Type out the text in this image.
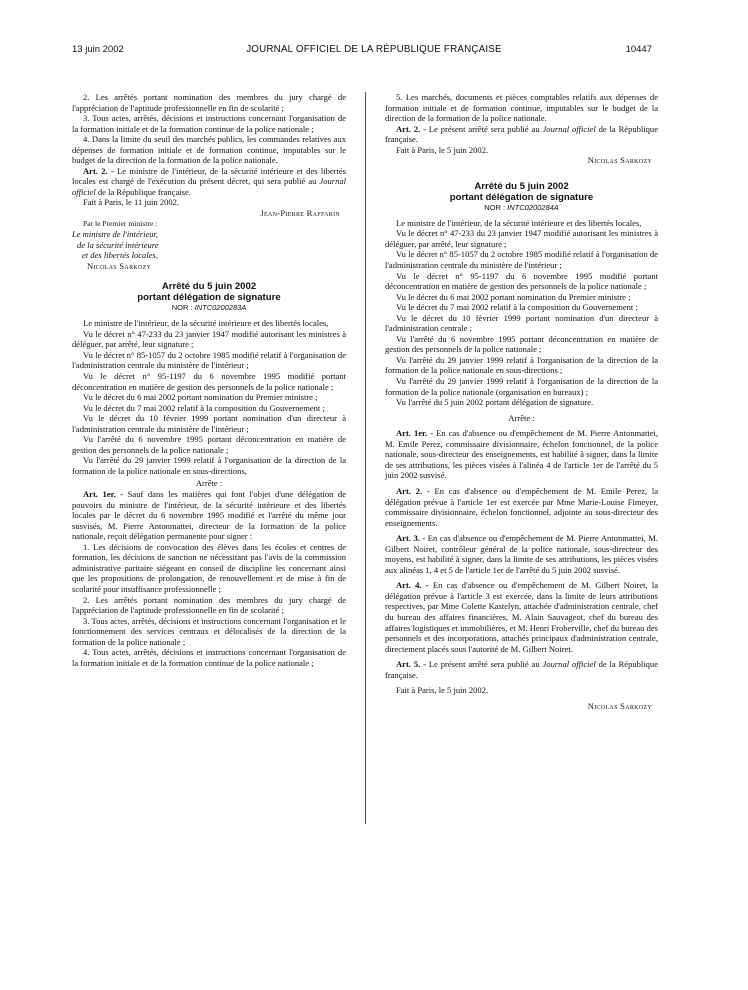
13 juin 2002	JOURNAL OFFICIEL DE LA RÉPUBLIQUE FRANÇAISE	10447

2. Les arrêtés portant nomination des membres du jury chargé de l'appréciation de l'aptitude professionnelle en fin de scolarité ;

3. Tous actes, arrêtés, décisions et instructions concernant l'organisation de la formation initiale et de la formation continue de la police nationale ;

4. Dans la limite du seuil des marchés publics, les commandes relatives aux dépenses de formation initiale et de formation continue, imputables sur le budget de la direction de la formation de la police nationale.

Art. 2. - Le ministre de l'intérieur, de la sécurité intérieure et des libertés locales est chargé de l'exécution du présent décret, qui sera publié au Journal officiel de la République française.

Fait à Paris, le 11 juin 2002.

Jean-Pierre Raffarin

Par le Premier ministre :

Le ministre de l'intérieur,
de la sécurité intérieure
et des libertés locales,
Nicolas Sarkozy
Arrêté du 5 juin 2002
portant délégation de signature
NOR : INTC0200283A

Le ministre de l'intérieur, de la sécurité intérieure et des libertés locales,

Vu le décret n° 47-233 du 23 janvier 1947 modifié autorisant les ministres à déléguer, par arrêté, leur signature ;

Vu le décret n° 85-1057 du 2 octobre 1985 modifié relatif à l'organisation de l'administration centrale du ministère de l'intérieur ;

Vu le décret n° 95-1197 du 6 novembre 1995 modifié portant déconcentration en matière de gestion des personnels de la police nationale ;

Vu le décret du 6 mai 2002 portant nomination du Premier ministre ;

Vu le décret du 7 mai 2002 relatif à la composition du Gouvernement ;

Vu le décret du 10 février 1999 portant nomination d'un directeur à l'administration centrale du ministère de l'intérieur ;

Vu l'arrêté du 6 novembre 1995 portant déconcentration en matière de gestion des personnels de la police nationale ;

Vu l'arrêté du 29 janvier 1999 relatif à l'organisation de la direction de la formation de la police nationale en sous-directions,

Arrête :

Art. 1er. - Sauf dans les matières qui font l'objet d'une délégation de pouvoirs du ministre de l'intérieur, de la sécurité intérieure et des libertés locales par le décret du 6 novembre 1995 modifié et l'arrêté du même jour susvisés, M. Pierre Antonmattei, directeur de la formation de la police nationale, reçoit délégation permanente pour signer :

1. Les décisions de convocation des élèves dans les écoles et centres de formation, les décisions de sanction ne nécessitant pas l'avis de la commission administrative paritaire siégeant en conseil de discipline les concernant ainsi que les propositions de prolongation, de renouvellement et de mise à fin de scolarité pour insuffisance professionnelle ;

2. Les arrêtés portant nomination des membres du jury chargé de l'appréciation de l'aptitude professionnelle en fin de scolarité ;

3. Tous actes, arrêtés, décisions et instructions concernant l'organisation et le fonctionnement des services centraux et délocalisés de la direction de la formation de la police nationale ;

4. Tous actes, arrêtés, décisions et instructions concernant l'organisation de la formation initiale et de la formation continue de la police nationale ;

5. Les marchés, documents et pièces comptables relatifs aux dépenses de formation initiale et de formation continue, imputables sur le budget de la direction de la formation de la police nationale.

Art. 2. - Le présent arrêté sera publié au Journal officiel de la République française.

Fait à Paris, le 5 juin 2002.

Nicolas Sarkozy
Arrêté du 5 juin 2002
portant délégation de signature
NOR : INTC0200284A

Le ministre de l'intérieur, de la sécurité intérieure et des libertés locales,

Vu le décret n° 47-233 du 23 janvier 1947 modifié autorisant les ministres à déléguer, par arrêté, leur signature ;

Vu le décret n° 85-1057 du 2 octobre 1985 modifié relatif à l'organisation de l'administration centrale du ministère de l'intérieur ;

Vu le décret n° 95-1197 du 6 novembre 1995 modifié portant déconcentration en matière de gestion des personnels de la police nationale ;

Vu le décret du 6 mai 2002 portant nomination du Premier ministre ;

Vu le décret du 7 mai 2002 relatif à la composition du Gouvernement ;

Vu le décret du 10 février 1999 portant nomination d'un directeur à l'administration centrale ;

Vu l'arrêté du 6 novembre 1995 portant déconcentration en matière de gestion des personnels de la police nationale ;

Vu l'arrêté du 29 janvier 1999 relatif à l'organisation de la direction de la formation de la police nationale en sous-directions ;

Vu l'arrêté du 29 janvier 1999 relatif à l'organisation de la direction de la formation de la police nationale (organisation en bureaux) ;

Vu l'arrêté du 5 juin 2002 portant délégation de signature.

Arrête :

Art. 1er. - En cas d'absence ou d'empêchement de M. Pierre Antonmattei, M. Emile Perez, commissaire divisionnaire, échelon fonctionnel, de la police nationale, sous-directeur des enseignements, est habilité à signer, dans la limite de ses attributions, les pièces visées à l'alinéa 4 de l'article 1er de l'arrêté du 5 juin 2002 susvisé.

Art. 2. - En cas d'absence ou d'empêchement de M. Emile Perez, la délégation prévue à l'article 1er est exercée par Mme Marie-Louise Fimeyer, commissaire divisionnaire, échelon fonctionnel, adjointe au sous-directeur des enseignements.

Art. 3. - En cas d'absence ou d'empêchement de M. Pierre Antonmattei, M. Gilbert Noiret, contrôleur général de la police nationale, sous-directeur des moyens, est habilité à signer, dans la limite de ses attributions, les pièces visées aux alinéas 1, 4 et 5 de l'article 1er de l'arrêté du 5 juin 2002 susvisé.

Art. 4. - En cas d'absence ou d'empêchement de M. Gilbert Noiret, la délégation prévue à l'article 3 est exercée, dans la limite de leurs attributions respectives, par Mme Colette Kastelyn, attachée d'administration centrale, chef du bureau des affaires financières, M. Alain Sauvageot, chef du bureau des affaires logistiques et immobilières, et M. Henri Froberville, chef du bureau des personnels et des incorporations, attachés principaux d'administration centrale, directement placés sous l'autorité de M. Gilbert Noiret.

Art. 5. - Le présent arrêté sera publié au Journal officiel de la République française.

Fait à Paris, le 5 juin 2002.

Nicolas Sarkozy
